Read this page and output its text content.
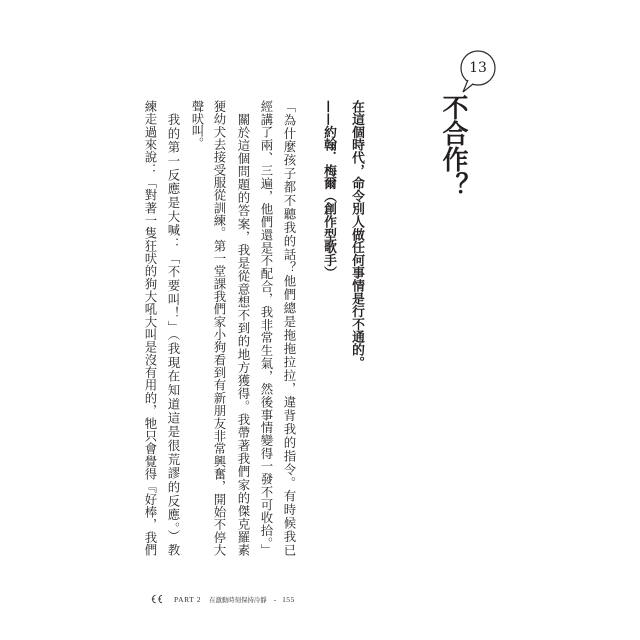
13
不合作？
在這個時代，命令別人做任何事情是行不通的。
——約翰．梅爾（創作型歌手）
「為什麼孩子都不聽我的話？他們總是拖拖拉拉，違背我的指令。有時候我已
經講了兩、三遍，他們還是不配合，我非常生氣，然後事情變得一發不可收拾。」
關於這個問題的答案，我是從意想不到的地方獲得。我帶著我們家的傑克羅素
㹴幼犬去接受服從訓練。第一堂課我們家小狗看到有新朋友非常興奮，開始不停大
聲吠叫。
我的第一反應是大喊：「不要叫！」（我現在知道這是很荒謬的反應。）教
練走過來說：「對著一隻狂吠的狗大吼大叫是沒有用的，牠只會覺得『好棒，我們
PART 2 在激動時刻保持冷靜 - 155
